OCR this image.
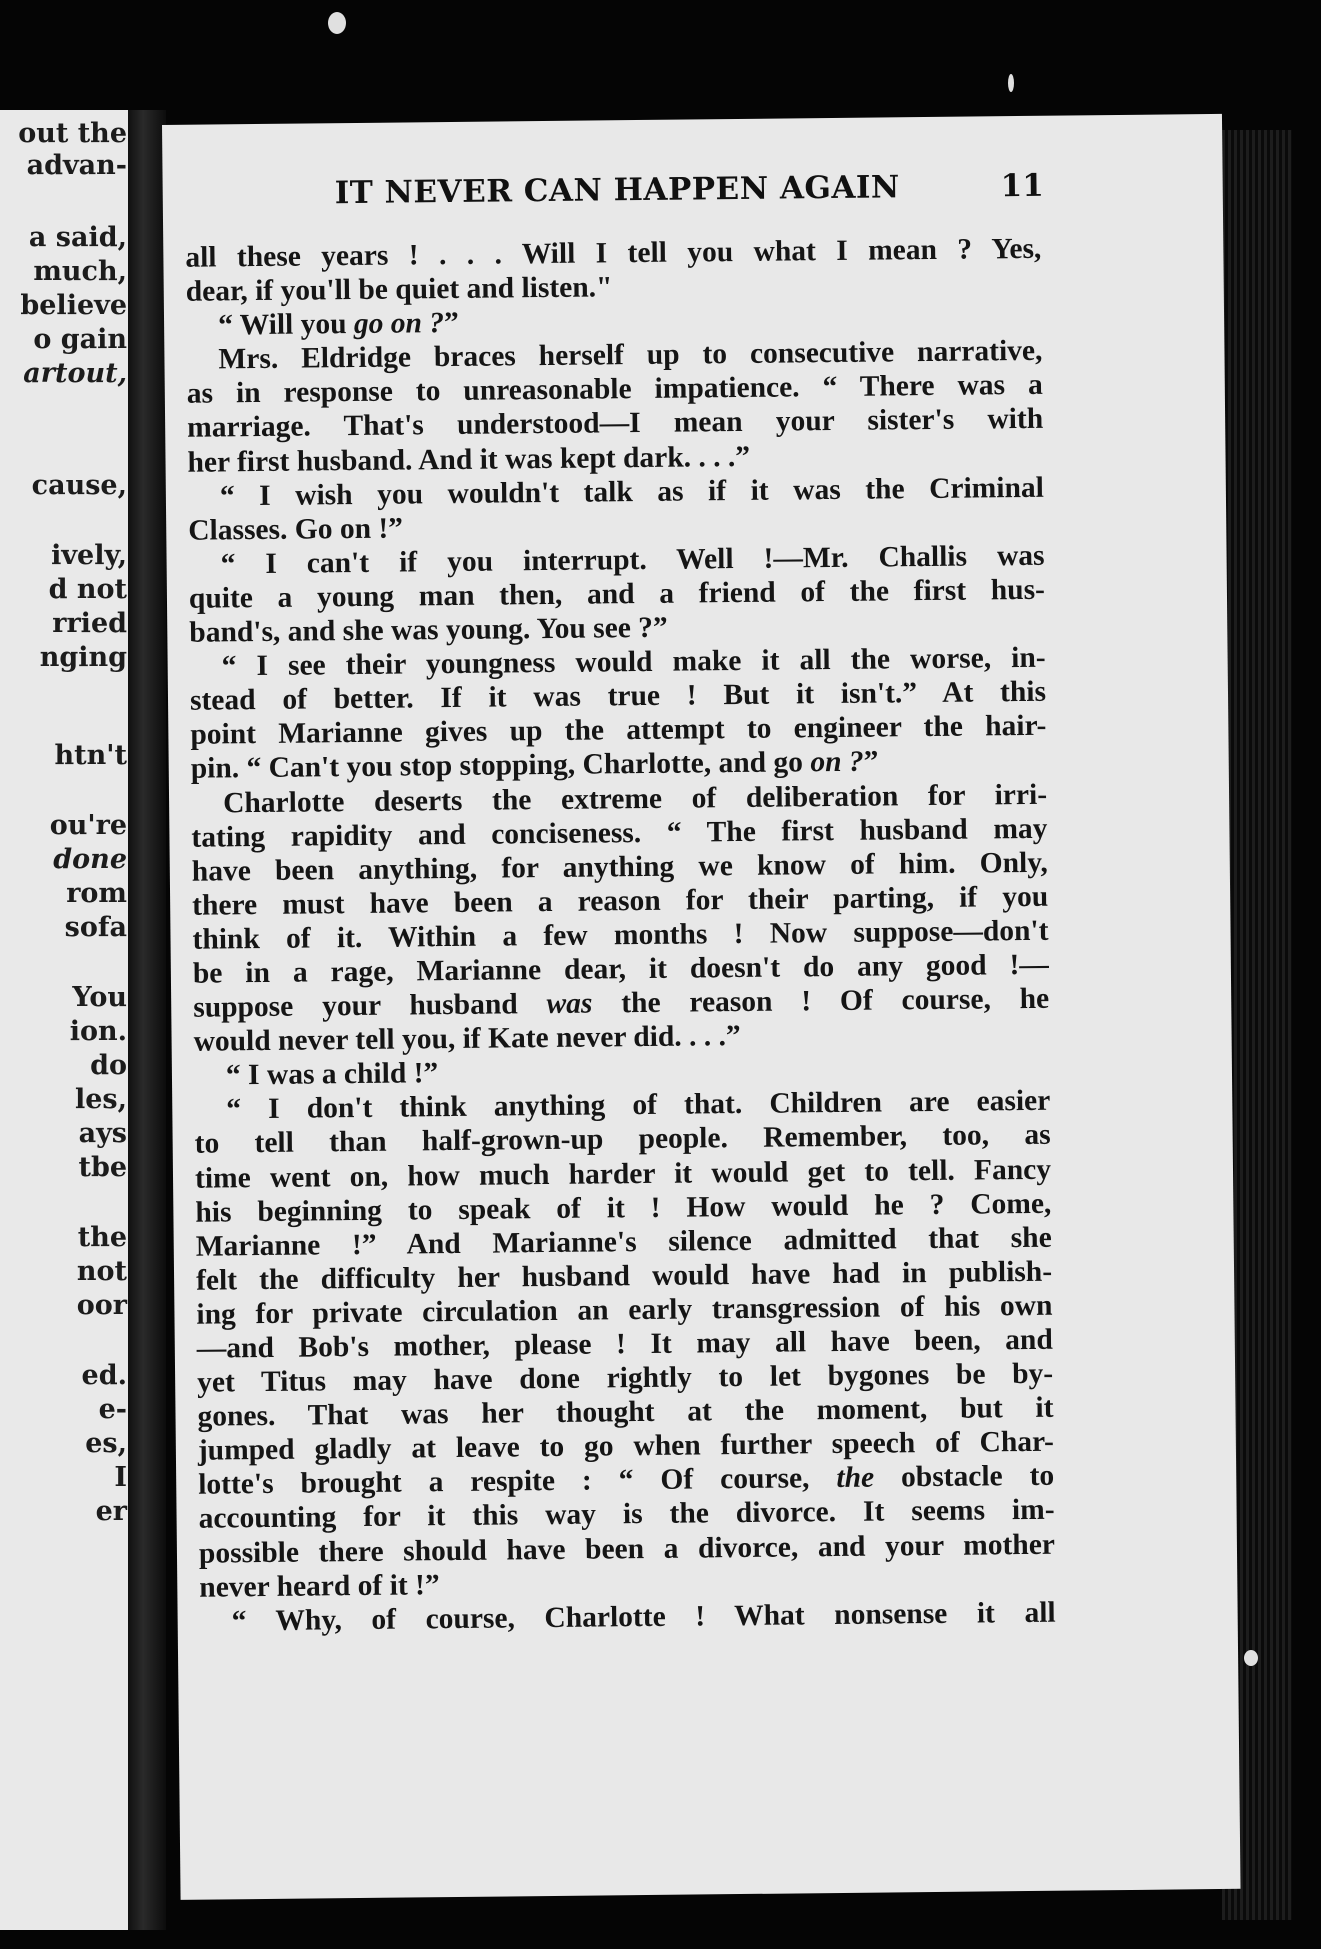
out the
advan-
a said,
much,
believe
o gain
artout,
cause,
ively,
d not
rried
nging
htn't
ou're
done
rom
sofa
You
ion.
do
les,
ays
tbe
the
not
oor
ed.
e-
es,
I
er
IT NEVER CAN HAPPEN AGAIN	11
all these years ! . . . Will I tell you what I mean ? Yes,
dear, if you'll be quiet and listen."
“ Will you go on ?”
Mrs. Eldridge braces herself up to consecutive narrative,
as in response to unreasonable impatience. “ There was a
marriage. That's understood—I mean your sister's with
her first husband. And it was kept dark. . . .”
“ I wish you wouldn't talk as if it was the Criminal
Classes. Go on !”
“ I can't if you interrupt. Well !—Mr. Challis was
quite a young man then, and a friend of the first hus-
band's, and she was young. You see ?”
“ I see their youngness would make it all the worse, in-
stead of better. If it was true ! But it isn't.” At this
point Marianne gives up the attempt to engineer the hair-
pin. “ Can't you stop stopping, Charlotte, and go on ?”
Charlotte deserts the extreme of deliberation for irri-
tating rapidity and conciseness. “ The first husband may
have been anything, for anything we know of him. Only,
there must have been a reason for their parting, if you
think of it. Within a few months ! Now suppose—don't
be in a rage, Marianne dear, it doesn't do any good !—
suppose your husband was the reason ! Of course, he
would never tell you, if Kate never did. . . .”
“ I was a child !”
“ I don't think anything of that. Children are easier
to tell than half-grown-up people. Remember, too, as
time went on, how much harder it would get to tell. Fancy
his beginning to speak of it ! How would he ? Come,
Marianne !” And Marianne's silence admitted that she
felt the difficulty her husband would have had in publish-
ing for private circulation an early transgression of his own
—and Bob's mother, please ! It may all have been, and
yet Titus may have done rightly to let bygones be by-
gones. That was her thought at the moment, but it
jumped gladly at leave to go when further speech of Char-
lotte's brought a respite : “ Of course, the obstacle to
accounting for it this way is the divorce. It seems im-
possible there should have been a divorce, and your mother
never heard of it !”
“ Why, of course, Charlotte ! What nonsense it all
